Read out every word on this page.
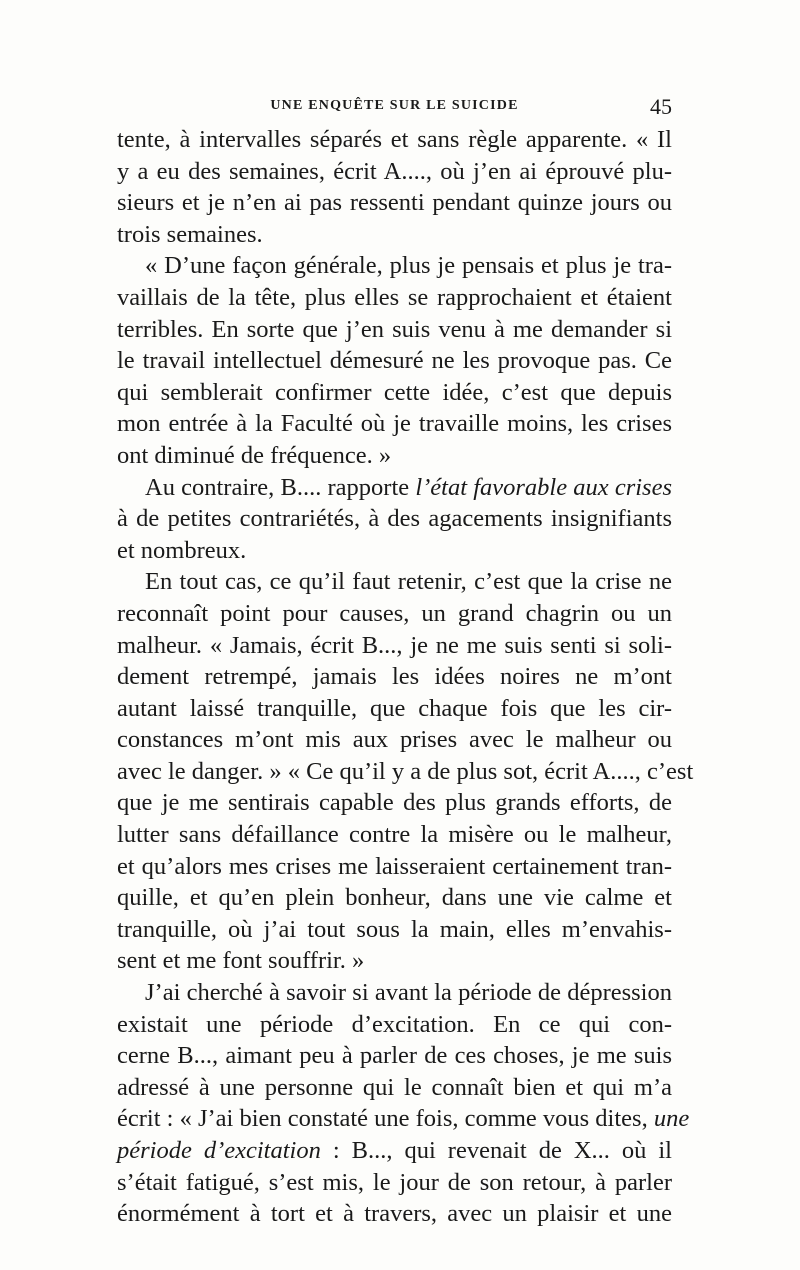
UNE ENQUÊTE SUR LE SUICIDE	45
tente, à intervalles séparés et sans règle apparente. « Il
y a eu des semaines, écrit A...., où j’en ai éprouvé plu-
sieurs et je n’en ai pas ressenti pendant quinze jours ou
trois semaines.
« D’une façon générale, plus je pensais et plus je tra-
vaillais de la tête, plus elles se rapprochaient et étaient
terribles. En sorte que j’en suis venu à me demander si
le travail intellectuel démesuré ne les provoque pas. Ce
qui semblerait confirmer cette idée, c’est que depuis
mon entrée à la Faculté où je travaille moins, les crises
ont diminué de fréquence. »
Au contraire, B.... rapporte l’état favorable aux crises
à de petites contrariétés, à des agacements insignifiants
et nombreux.
En tout cas, ce qu’il faut retenir, c’est que la crise ne
reconnaît point pour causes, un grand chagrin ou un
malheur. « Jamais, écrit B..., je ne me suis senti si soli-
dement retrempé, jamais les idées noires ne m’ont
autant laissé tranquille, que chaque fois que les cir-
constances m’ont mis aux prises avec le malheur ou
avec le danger. » « Ce qu’il y a de plus sot, écrit A...., c’est
que je me sentirais capable des plus grands efforts, de
lutter sans défaillance contre la misère ou le malheur,
et qu’alors mes crises me laisseraient certainement tran-
quille, et qu’en plein bonheur, dans une vie calme et
tranquille, où j’ai tout sous la main, elles m’envahis-
sent et me font souffrir. »
J’ai cherché à savoir si avant la période de dépression
existait une période d’excitation. En ce qui con-
cerne B..., aimant peu à parler de ces choses, je me suis
adressé à une personne qui le connaît bien et qui m’a
écrit : « J’ai bien constaté une fois, comme vous dites, une
période d’excitation : B..., qui revenait de X... où il
s’était fatigué, s’est mis, le jour de son retour, à parler
énormément à tort et à travers, avec un plaisir et une
